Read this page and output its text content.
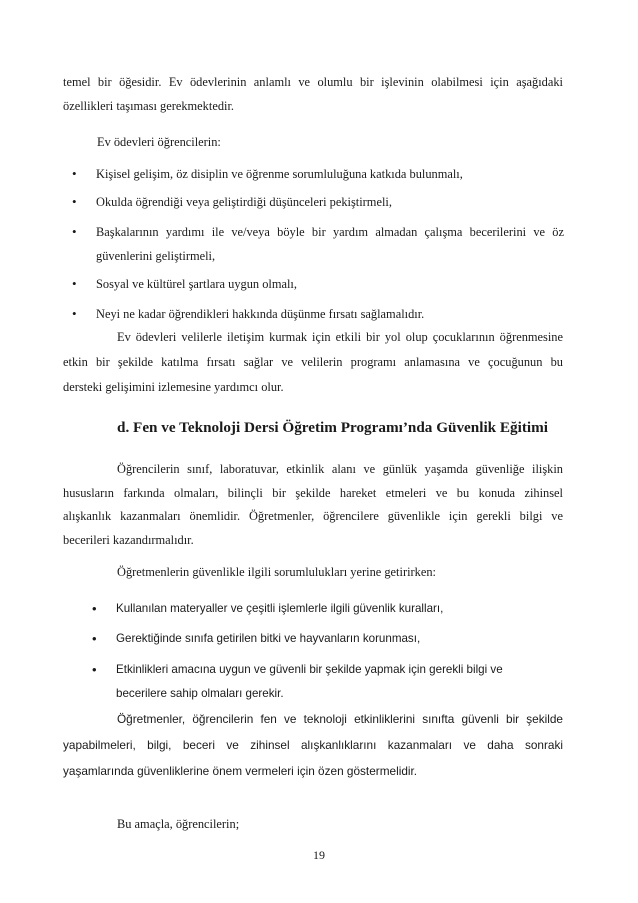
temel bir öğesidir. Ev ödevlerinin anlamlı ve olumlu bir işlevinin olabilmesi için aşağıdaki
özellikleri taşıması gerekmektedir.
Ev ödevleri öğrencilerin:
• Kişisel gelişim, öz disiplin ve öğrenme sorumluluğuna katkıda bulunmalı,
• Okulda öğrendiği veya geliştirdiği düşünceleri pekiştirmeli,
• Başkalarının yardımı ile ve/veya böyle bir yardım almadan çalışma becerilerini ve öz
güvenlerini geliştirmeli,
• Sosyal ve kültürel şartlara uygun olmalı,
• Neyi ne kadar öğrendikleri hakkında düşünme fırsatı sağlamalıdır.
Ev ödevleri velilerle iletişim kurmak için etkili bir yol olup çocuklarının öğrenmesine
etkin bir şekilde katılma fırsatı sağlar ve velilerin programı anlamasına ve çocuğunun bu
dersteki gelişimini izlemesine yardımcı olur.
d. Fen ve Teknoloji Dersi Öğretim Programı’nda Güvenlik Eğitimi
Öğrencilerin sınıf, laboratuvar, etkinlik alanı ve günlük yaşamda güvenliğe ilişkin
hususların farkında olmaları, bilinçli bir şekilde hareket etmeleri ve bu konuda zihinsel
alışkanlık kazanmaları önemlidir. Öğretmenler, öğrencilere güvenlikle için gerekli bilgi ve
becerileri kazandırmalıdır.
Öğretmenlerin güvenlikle ilgili sorumlulukları yerine getirirken:
• Kullanılan materyaller ve çeşitli işlemlerle ilgili güvenlik kuralları,
• Gerektiğinde sınıfa getirilen bitki ve hayvanların korunması,
• Etkinlikleri amacına uygun ve güvenli bir şekilde yapmak için gerekli bilgi ve
becerilere sahip olmaları gerekir.
Öğretmenler, öğrencilerin fen ve teknoloji etkinliklerini sınıfta güvenli bir şekilde
yapabilmeleri, bilgi, beceri ve zihinsel alışkanlıklarını kazanmaları ve daha sonraki
yaşamlarında güvenliklerine önem vermeleri için özen göstermelidir.
Bu amaçla, öğrencilerin;
19
